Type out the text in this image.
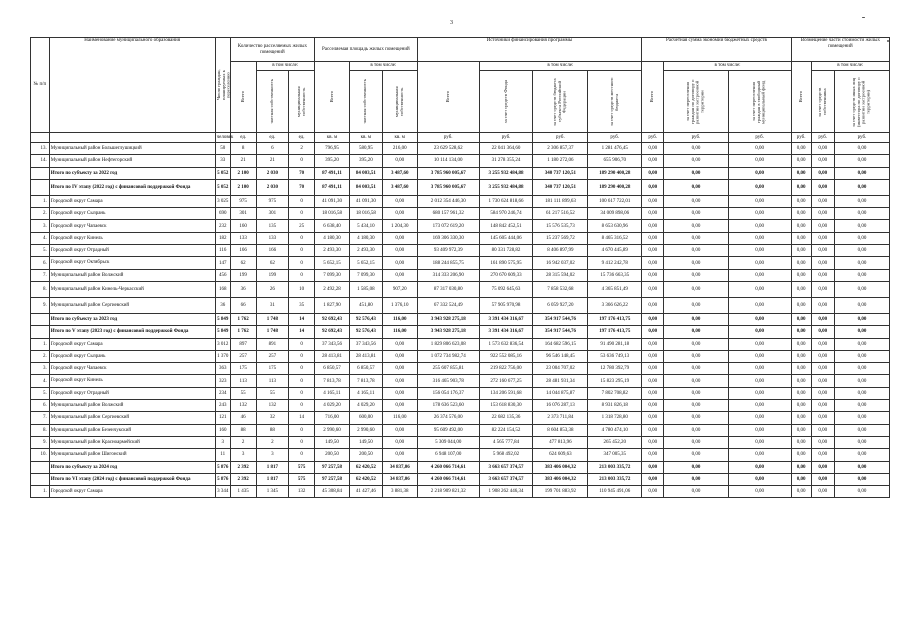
3
№ п/п	Наименование муниципального образования	Число граждан, планируемых к переселению	Количество расселяемых жилых помещений			Расселяемая площадь жилых помещений			Источники финансирования программы				Расчетная сумма экономии бюджетных средств			Возмещение части стоимости жилых помещений		

			Всего	в том числе:		Всего	в том числе:		Всего	в том числе:			Всего	в том числе:		Всего	в том числе:	

				частная собственность	муниципальная собственность		частная собственность	муниципальная собственность		за счет средств Фонда	за счет средств бюджета субъекта Российской Федерации	за счет средств местного бюджета		за счет переселения граждан по договору о развитии застроенной территории	за счет переселения граждан в свободный муниципальный фонд		за счет средств собственника	за счет средств иных лиц (инвестора по договору о развитии застроенной территории)

		человек	ед.	ед.	ед.	кв. м	кв. м	кв. м	руб.	руб.	руб.	руб.	руб.	руб.	руб.	руб.	руб.	руб.
13.	Муниципальный район Большеглушицкий	50	8	6	2	796,95	580,95	216,00	23 629 528,62	22 041 364,60	2 306 857,37	1 281 476,45	0,00	0,00	0,00	0,00	0,00	0,00
14.	Муниципальный район Нефтегорский	33	21	21	0	395,20	395,20	0,00	10 114 134,00	31 278 355,24	1 180 272,06	655 906,70	0,00	0,00	0,00	0,00	0,00	0,00
	Итого по субъекту за 2022 год	5 052	2 100	2 030	70	87 491,11	84 003,51	3 487,60	3 785 960 005,67	3 255 932 484,88	340 737 120,51	189 290 400,28	0,00	0,00	0,00	0,00	0,00	0,00
	Итого по IV этапу (2022 год) с финансовой поддержкой Фонда	5 052	2 100	2 030	70	87 491,11	84 003,51	3 487,60	3 785 960 005,67	3 255 932 484,88	340 737 120,51	189 290 400,28	0,00	0,00	0,00	0,00	0,00	0,00
1.	Городской округ Самара	3 025	975	975	0	41 091,30	41 091,30	0,00	2 012 354 446,30	1 730 624 818,66	181 111 899,63	100 617 722,01	0,00	0,00	0,00	0,00	0,00	0,00
2.	Городской округ Сызрань	690	301	301	0	18 016,58	18 016,58	0,00	680 157 961,32	584 970 246,74	61 217 516,52	34 009 898,06	0,00	0,00	0,00	0,00	0,00	0,00
3.	Городской округ Чапаевск	232	160	135	25	6 638,40	5 434,10	1 204,30	173 072 619,20	148 842 452,51	15 576 535,73	8 653 630,96	0,00	0,00	0,00	0,00	0,00	0,00
4.	Городской округ Кинель	182	133	133	0	4 180,30	4 180,30	0,00	169 306 330,30	145 605 444,06	15 237 569,72	8 465 316,52	0,00	0,00	0,00	0,00	0,00	0,00
5.	Городской округ Отрадный	116	166	166	0	2 493,30	2 493,30	0,00	93 409 972,39	80 331 728,82	8 406 897,99	4 670 445,89	0,00	0,00	0,00	0,00	0,00	0,00
6.	Городской округ Октябрьск	147	62	62	0	5 652,15	5 652,15	0,00	188 244 855,75	161 890 575,95	16 942 037,02	9 412 242,78	0,00	0,00	0,00	0,00	0,00	0,00
7.	Муниципальный район Волжский	456	199	199	0	7 099,30	7 099,30	0,00	314 333 206,90	270 670 609,33	28 315 594,02	15 736 663,35	0,00	0,00	0,00	0,00	0,00	0,00
8.	Муниципальный район Кинель-Черкасский	168	36	26	10	2 492,28	1 585,08	907,20	87 317 030,80	75 092 645,63	7 858 532,68	4 365 851,49	0,00	0,00	0,00	0,00	0,00	0,00
9.	Муниципальный район Сергиевский	36	66	31	35	1 827,90	451,80	1 376,10	67 332 524,49	57 905 970,98	6 059 927,20	3 366 626,22	0,00	0,00	0,00	0,00	0,00	0,00
	Итого по субъекту за 2023 год	5 849	1 762	1 748	14	92 692,43	92 576,43	116,00	3 943 928 275,18	3 391 434 316,67	354 917 544,76	197 176 413,75	0,00	0,00	0,00	0,00	0,00	0,00
	Итого по V этапу (2023 год) с финансовой поддержкой Фонда	5 849	1 762	1 748	14	92 692,43	92 576,43	116,00	3 943 928 275,18	3 391 434 316,67	354 917 544,76	197 176 413,75	0,00	0,00	0,00	0,00	0,00	0,00
1.	Городской округ Самара	3 012	897	891	0	37 343,56	37 343,56	0,00	1 829 806 623,08	1 573 632 836,54	164 682 596,15	91 490 281,18	0,00	0,00	0,00	0,00	0,00	0,00
2.	Городской округ Сызрань	1 370	257	257	0	28 413,81	28 413,81	0,00	1 072 734 982,74	922 552 085,16	96 546 148,45	53 636 749,13	0,00	0,00	0,00	0,00	0,00	0,00
3.	Городской округ Чапаевск	363	175	175	0	6 850,57	6 850,57	0,00	255 607 855,81	219 822 756,00	23 004 707,02	12 780 392,79	0,00	0,00	0,00	0,00	0,00	0,00
4.	Городской округ Кинель	323	113	113	0	7 813,78	7 813,78	0,00	316 465 903,78	272 160 677,25	28 481 931,34	15 823 295,19	0,00	0,00	0,00	0,00	0,00	0,00
5.	Городской округ Отрадный	234	55	55	0	4 165,11	4 165,11	0,00	156 054 176,37	134 206 591,68	14 044 875,87	7 802 708,82	0,00	0,00	0,00	0,00	0,00	0,00
6.	Муниципальный район Волжский	243	132	132	0	4 029,20	4 029,20	0,00	178 636 523,60	153 618 830,30	16 076 287,13	8 931 826,18	0,00	0,00	0,00	0,00	0,00	0,00
7.	Муниципальный район Сергиевский	121	46	32	14	716,00	600,00	116,00	26 374 576,00	22 682 135,36	2 373 711,84	1 318 728,80	0,00	0,00	0,00	0,00	0,00	0,00
8.	Муниципальный район Безенчукский	160	88	88	0	2 990,60	2 990,60	0,00	95 609 492,00	82 224 154,52	8 604 853,38	4 780 474,10	0,00	0,00	0,00	0,00	0,00	0,00
9.	Муниципальный район Красноармейский	3	2	2	0	149,50	149,50	0,00	5 309 044,00	4 565 777,84	477 813,96	265 452,20	0,00	0,00	0,00	0,00	0,00	0,00
10.	Муниципальный район Шигонский	11	3	3	0	200,50	200,50	0,00	6 948 107,00	5 968 492,02	624 609,63	347 005,35	0,00	0,00	0,00	0,00	0,00	0,00
	Итого по субъекту за 2024 год	5 876	2 392	1 817	575	97 257,58	62 420,52	34 837,06	4 260 066 714,61	3 663 657 374,57	383 406 004,32	213 003 335,72	0,00	0,00	0,00	0,00	0,00	0,00
	Итого по VI этапу (2024 год) с финансовой поддержкой Фонда	5 876	2 392	1 817	575	97 257,58	62 420,52	34 837,06	4 260 066 714,61	3 663 657 374,57	383 406 004,32	213 003 335,72	0,00	0,00	0,00	0,00	0,00	0,00
1.	Городской округ Самара	3 344	1 435	1 345	132	45 308,84	41 427,46	3 881,38	2 218 909 821,32	1 908 262 446,34	199 701 883,92	110 945 491,06	0,00	0,00	0,00	0,00	0,00	0,00
